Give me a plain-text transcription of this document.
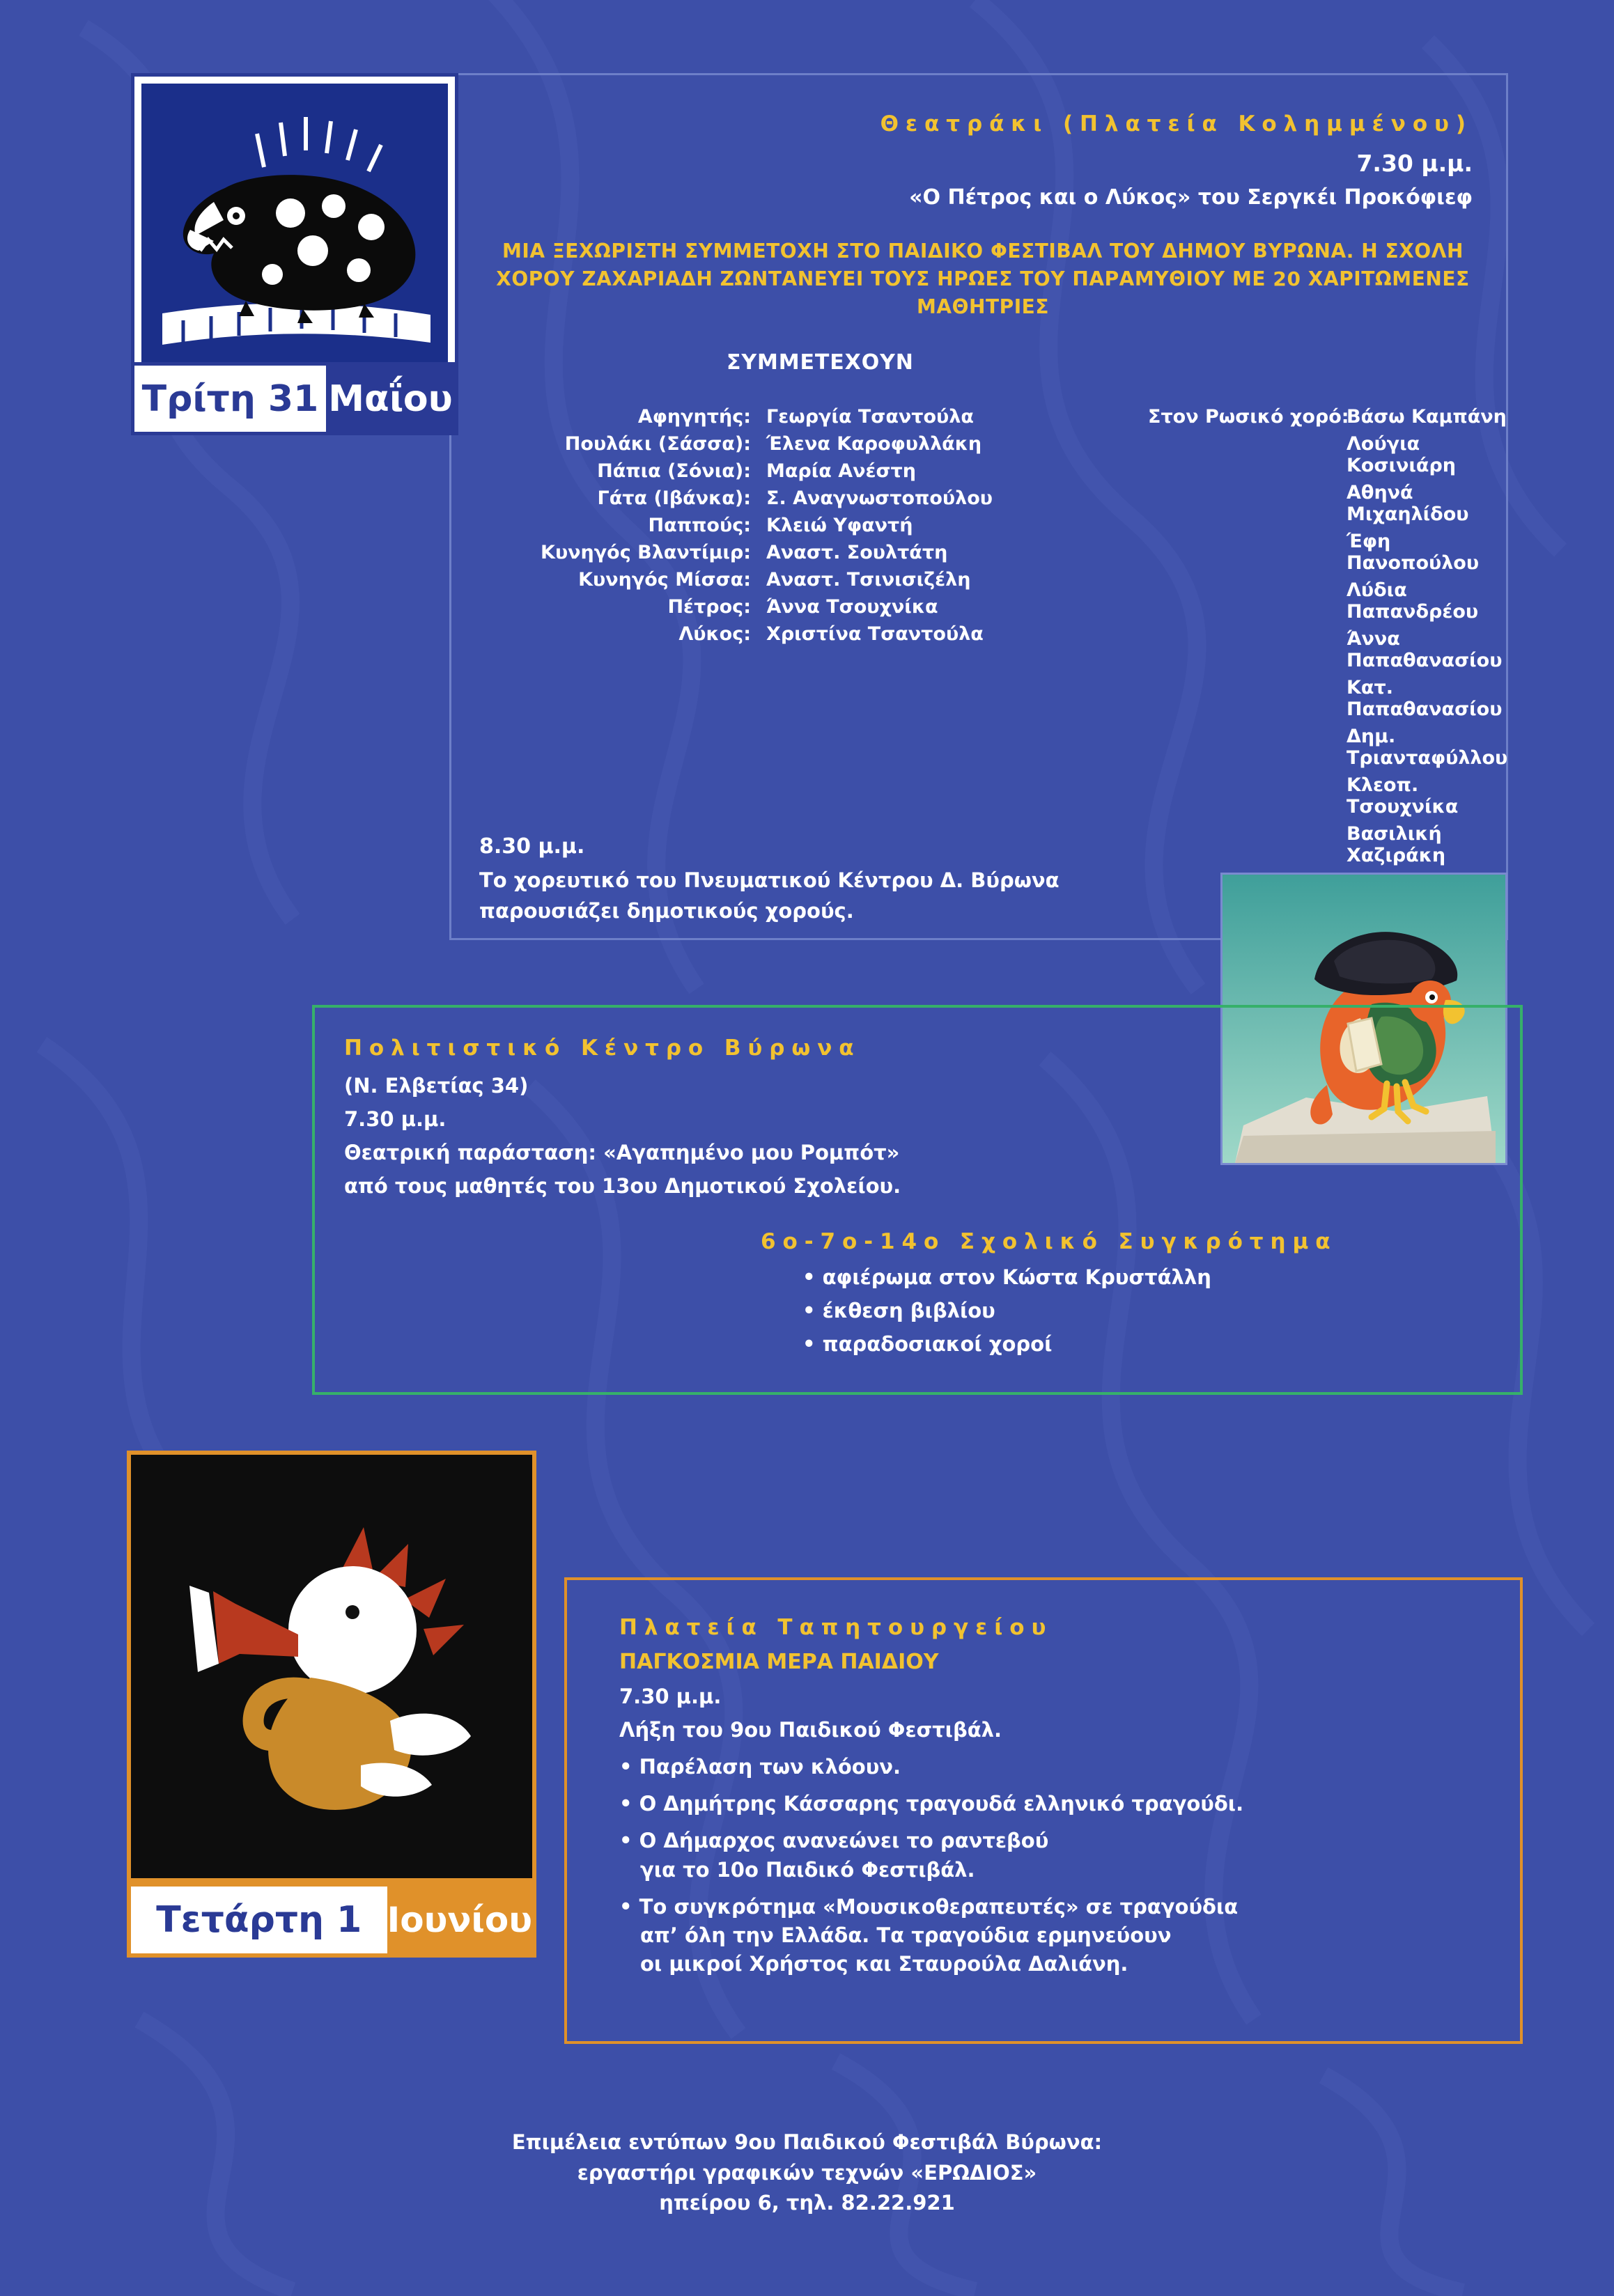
Θεατράκι (Πλατεία Κολημμένου)
7.30 μ.μ.
«Ο Πέτρος και ο Λύκος» του Σεργκέι Προκόφιεφ
ΜΙΑ ΞΕΧΩΡΙΣΤΗ ΣΥΜΜΕΤΟΧΗ ΣΤΟ ΠΑΙΔΙΚΟ ΦΕΣΤΙΒΑΛ ΤΟΥ ΔΗΜΟΥ ΒΥΡΩΝΑ. Η ΣΧΟΛΗ ΧΟΡΟΥ ΖΑΧΑΡΙΑΔΗ ΖΩΝΤΑΝΕΥΕΙ ΤΟΥΣ ΗΡΩΕΣ ΤΟΥ ΠΑΡΑΜΥΘΙΟΥ ΜΕ 20 ΧΑΡΙΤΩΜΕΝΕΣ ΜΑΘΗΤΡΙΕΣ
ΣΥΜΜΕΤΕΧΟΥΝ
Αφηγητής: Γεωργία Τσαντούλα
Πουλάκι (Σάσσα): Έλενα Καροφυλλάκη
Πάπια (Σόνια): Μαρία Ανέστη
Γάτα (Ιβάνκα): Σ. Αναγνωστοπούλου
Παππούς: Κλειώ Υφαντή
Κυνηγός Βλαντίμιρ: Αναστ. Σουλτάτη
Κυνηγός Μίσσα: Αναστ. Τσινισιζέλη
Πέτρος: Άννα Τσουχνίκα
Λύκος: Χριστίνα Τσαντούλα
Στον Ρωσικό χορό:
Βάσω Καμπάνη
Λούγια Κοσινιάρη
Αθηνά Μιχαηλίδου
Έφη Πανοπούλου
Λύδια Παπανδρέου
Άννα Παπαθανασίου
Κατ. Παπαθανασίου
Δημ. Τριανταφύλλου
Κλεοπ. Τσουχνίκα
Βασιλική Χαζιράκη
8.30 μ.μ.
Το χορευτικό του Πνευματικού Κέντρου Δ. Βύρωνα
παρουσιάζει δημοτικούς χορούς.
Τρίτη 31 Μαΐου
Πολιτιστικό Κέντρο Βύρωνα
(Ν. Ελβετίας 34)
7.30 μ.μ.
Θεατρική παράσταση: «Αγαπημένο μου Ρομπότ»
από τους μαθητές του 13ου Δημοτικού Σχολείου.
6ο-7ο-14ο Σχολικό Συγκρότημα
• αφιέρωμα στον Κώστα Κρυστάλλη
• έκθεση βιβλίου
• παραδοσιακοί χοροί
Τετάρτη 1 Ιουνίου
Πλατεία Ταπητουργείου
ΠΑΓΚΟΣΜΙΑ ΜΕΡΑ ΠΑΙΔΙΟΥ
7.30 μ.μ.
Λήξη του 9ου Παιδικού Φεστιβάλ.
• Παρέλαση των κλόουν.
• Ο Δημήτρης Κάσσαρης τραγουδά ελληνικό τραγούδι.
• Ο Δήμαρχος ανανεώνει το ραντεβού
για το 10ο Παιδικό Φεστιβάλ.
• Το συγκρότημα «Μουσικοθεραπευτές» σε τραγούδια
απ’ όλη την Ελλάδα. Τα τραγούδια ερμηνεύουν
οι μικροί Χρήστος και Σταυρούλα Δαλιάνη.
Επιμέλεια εντύπων 9ου Παιδικού Φεστιβάλ Βύρωνα:
εργαστήρι γραφικών τεχνών «ΕΡΩΔΙΟΣ»
ηπείρου 6, τηλ. 82.22.921
